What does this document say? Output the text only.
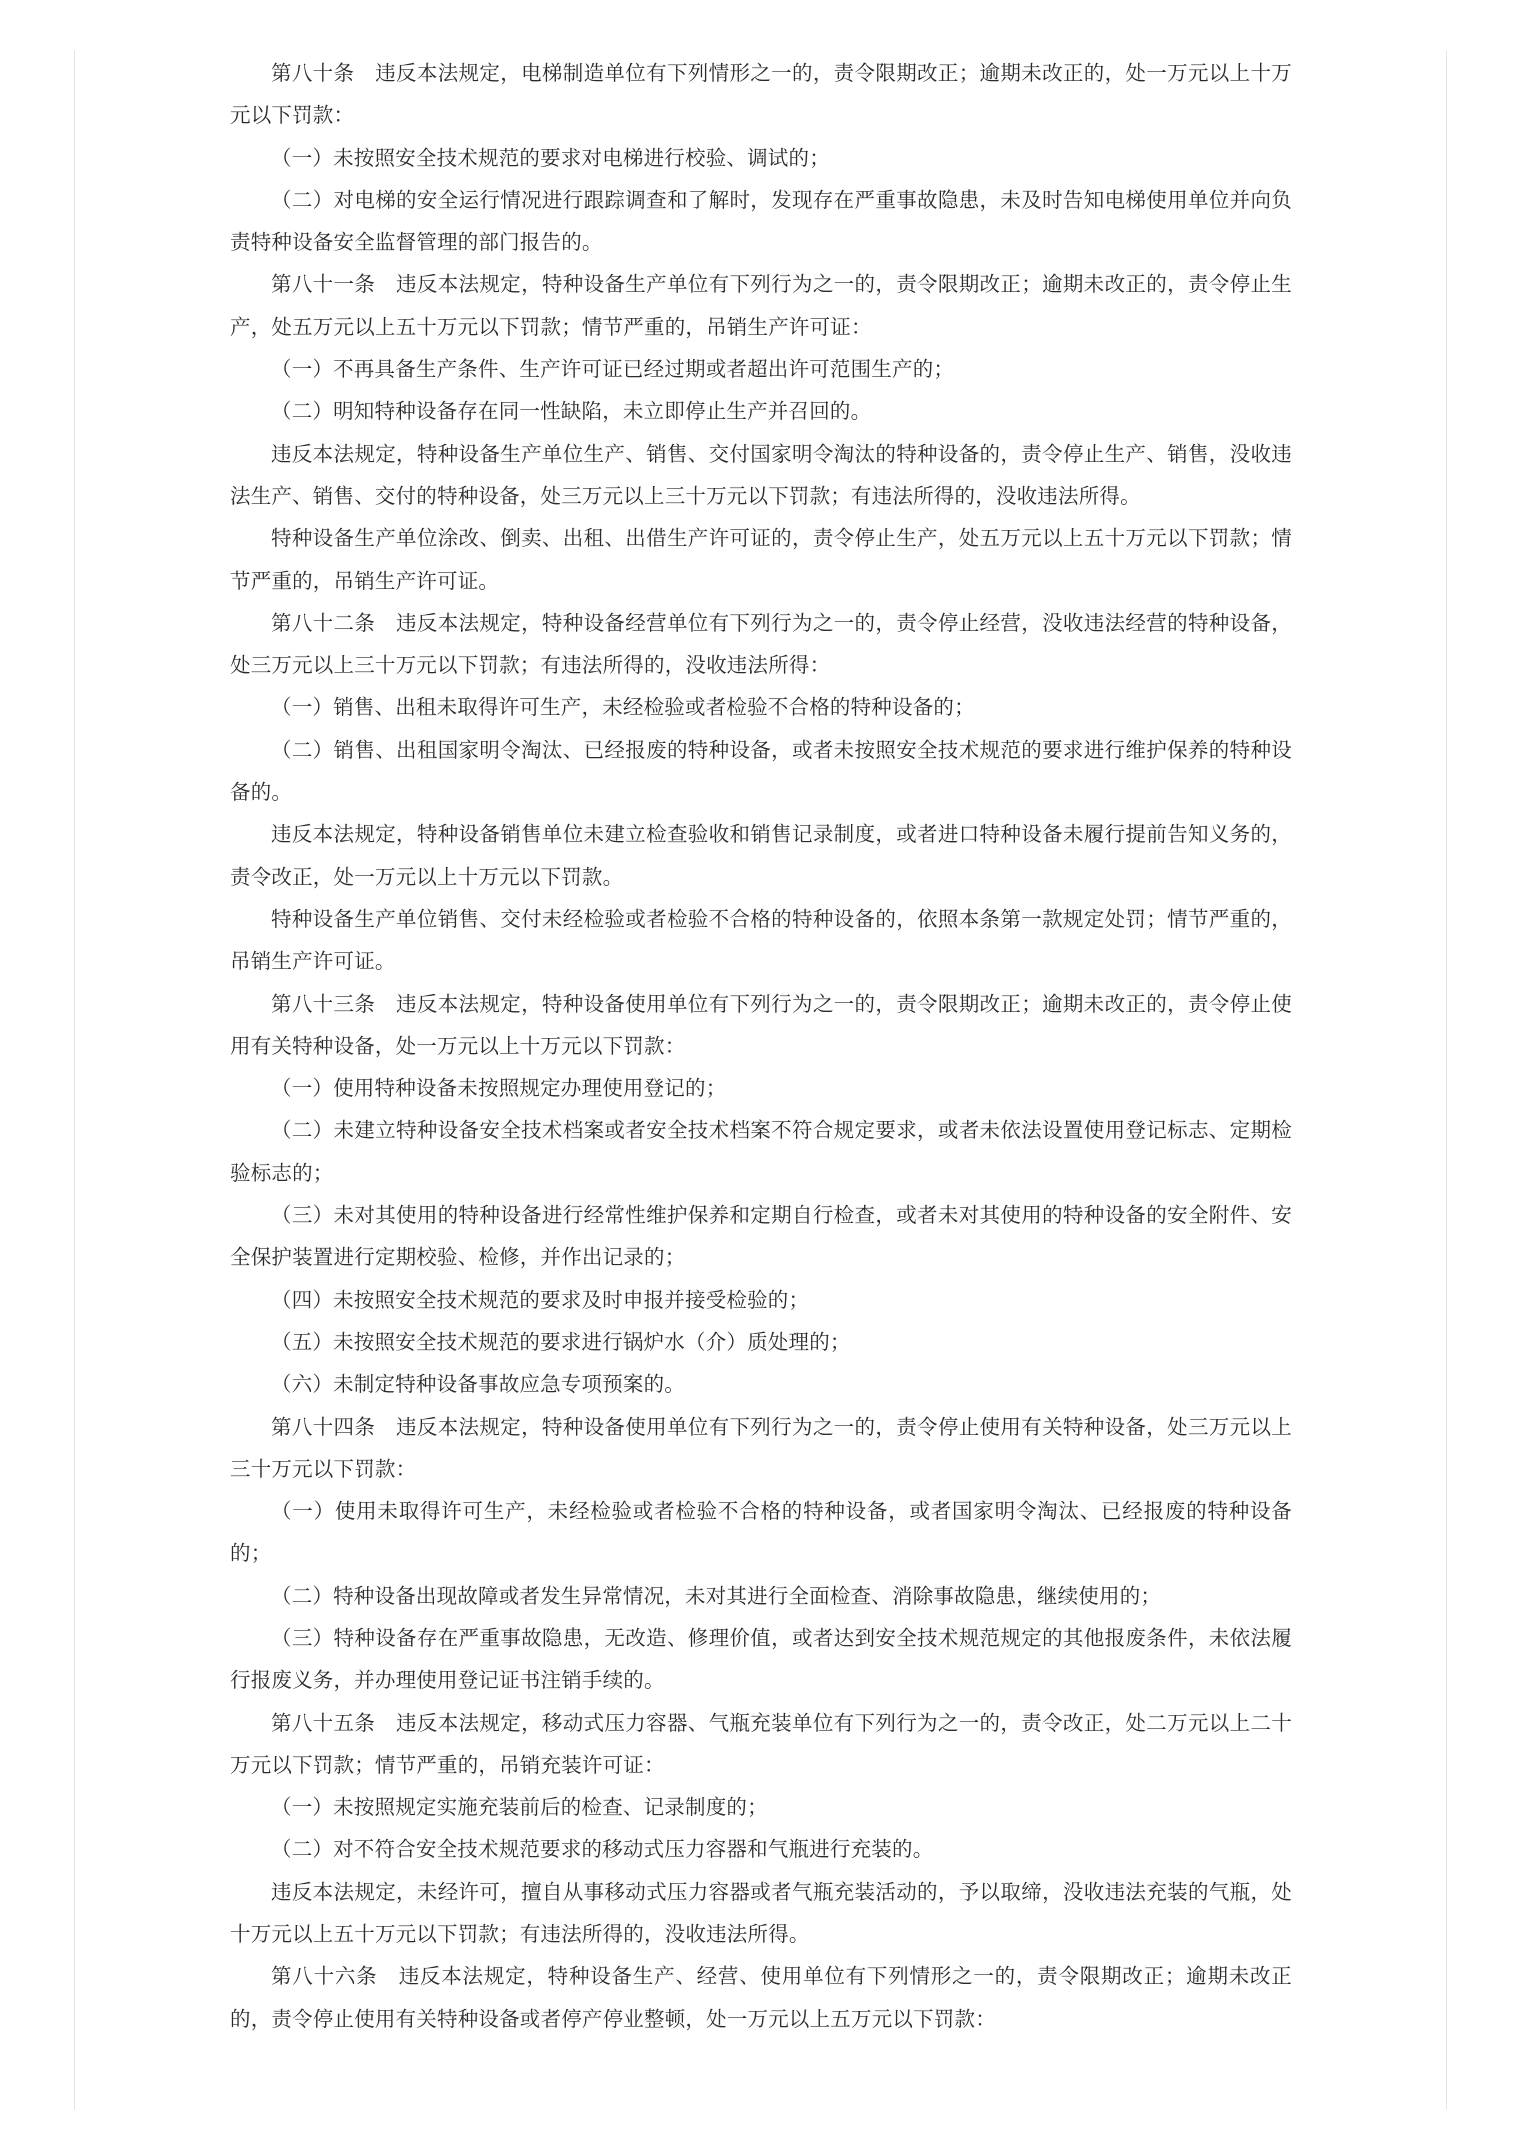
第八十条　违反本法规定，电梯制造单位有下列情形之一的，责令限期改正；逾期未改正的，处一万元以上十万元以下罚款：

（一）未按照安全技术规范的要求对电梯进行校验、调试的；

（二）对电梯的安全运行情况进行跟踪调查和了解时，发现存在严重事故隐患，未及时告知电梯使用单位并向负责特种设备安全监督管理的部门报告的。

第八十一条　违反本法规定，特种设备生产单位有下列行为之一的，责令限期改正；逾期未改正的，责令停止生产，处五万元以上五十万元以下罚款；情节严重的，吊销生产许可证：

（一）不再具备生产条件、生产许可证已经过期或者超出许可范围生产的；

（二）明知特种设备存在同一性缺陷，未立即停止生产并召回的。

违反本法规定，特种设备生产单位生产、销售、交付国家明令淘汰的特种设备的，责令停止生产、销售，没收违法生产、销售、交付的特种设备，处三万元以上三十万元以下罚款；有违法所得的，没收违法所得。

特种设备生产单位涂改、倒卖、出租、出借生产许可证的，责令停止生产，处五万元以上五十万元以下罚款；情节严重的，吊销生产许可证。

第八十二条　违反本法规定，特种设备经营单位有下列行为之一的，责令停止经营，没收违法经营的特种设备，处三万元以上三十万元以下罚款；有违法所得的，没收违法所得：

（一）销售、出租未取得许可生产，未经检验或者检验不合格的特种设备的；

（二）销售、出租国家明令淘汰、已经报废的特种设备，或者未按照安全技术规范的要求进行维护保养的特种设备的。

违反本法规定，特种设备销售单位未建立检查验收和销售记录制度，或者进口特种设备未履行提前告知义务的，责令改正，处一万元以上十万元以下罚款。

特种设备生产单位销售、交付未经检验或者检验不合格的特种设备的，依照本条第一款规定处罚；情节严重的，吊销生产许可证。

第八十三条　违反本法规定，特种设备使用单位有下列行为之一的，责令限期改正；逾期未改正的，责令停止使用有关特种设备，处一万元以上十万元以下罚款：

（一）使用特种设备未按照规定办理使用登记的；

（二）未建立特种设备安全技术档案或者安全技术档案不符合规定要求，或者未依法设置使用登记标志、定期检验标志的；

（三）未对其使用的特种设备进行经常性维护保养和定期自行检查，或者未对其使用的特种设备的安全附件、安全保护装置进行定期校验、检修，并作出记录的；

（四）未按照安全技术规范的要求及时申报并接受检验的；

（五）未按照安全技术规范的要求进行锅炉水（介）质处理的；

（六）未制定特种设备事故应急专项预案的。

第八十四条　违反本法规定，特种设备使用单位有下列行为之一的，责令停止使用有关特种设备，处三万元以上三十万元以下罚款：

（一）使用未取得许可生产，未经检验或者检验不合格的特种设备，或者国家明令淘汰、已经报废的特种设备的；

（二）特种设备出现故障或者发生异常情况，未对其进行全面检查、消除事故隐患，继续使用的；

（三）特种设备存在严重事故隐患，无改造、修理价值，或者达到安全技术规范规定的其他报废条件，未依法履行报废义务，并办理使用登记证书注销手续的。

第八十五条　违反本法规定，移动式压力容器、气瓶充装单位有下列行为之一的，责令改正，处二万元以上二十万元以下罚款；情节严重的，吊销充装许可证：

（一）未按照规定实施充装前后的检查、记录制度的；

（二）对不符合安全技术规范要求的移动式压力容器和气瓶进行充装的。

违反本法规定，未经许可，擅自从事移动式压力容器或者气瓶充装活动的，予以取缔，没收违法充装的气瓶，处十万元以上五十万元以下罚款；有违法所得的，没收违法所得。

第八十六条　违反本法规定，特种设备生产、经营、使用单位有下列情形之一的，责令限期改正；逾期未改正的，责令停止使用有关特种设备或者停产停业整顿，处一万元以上五万元以下罚款：
